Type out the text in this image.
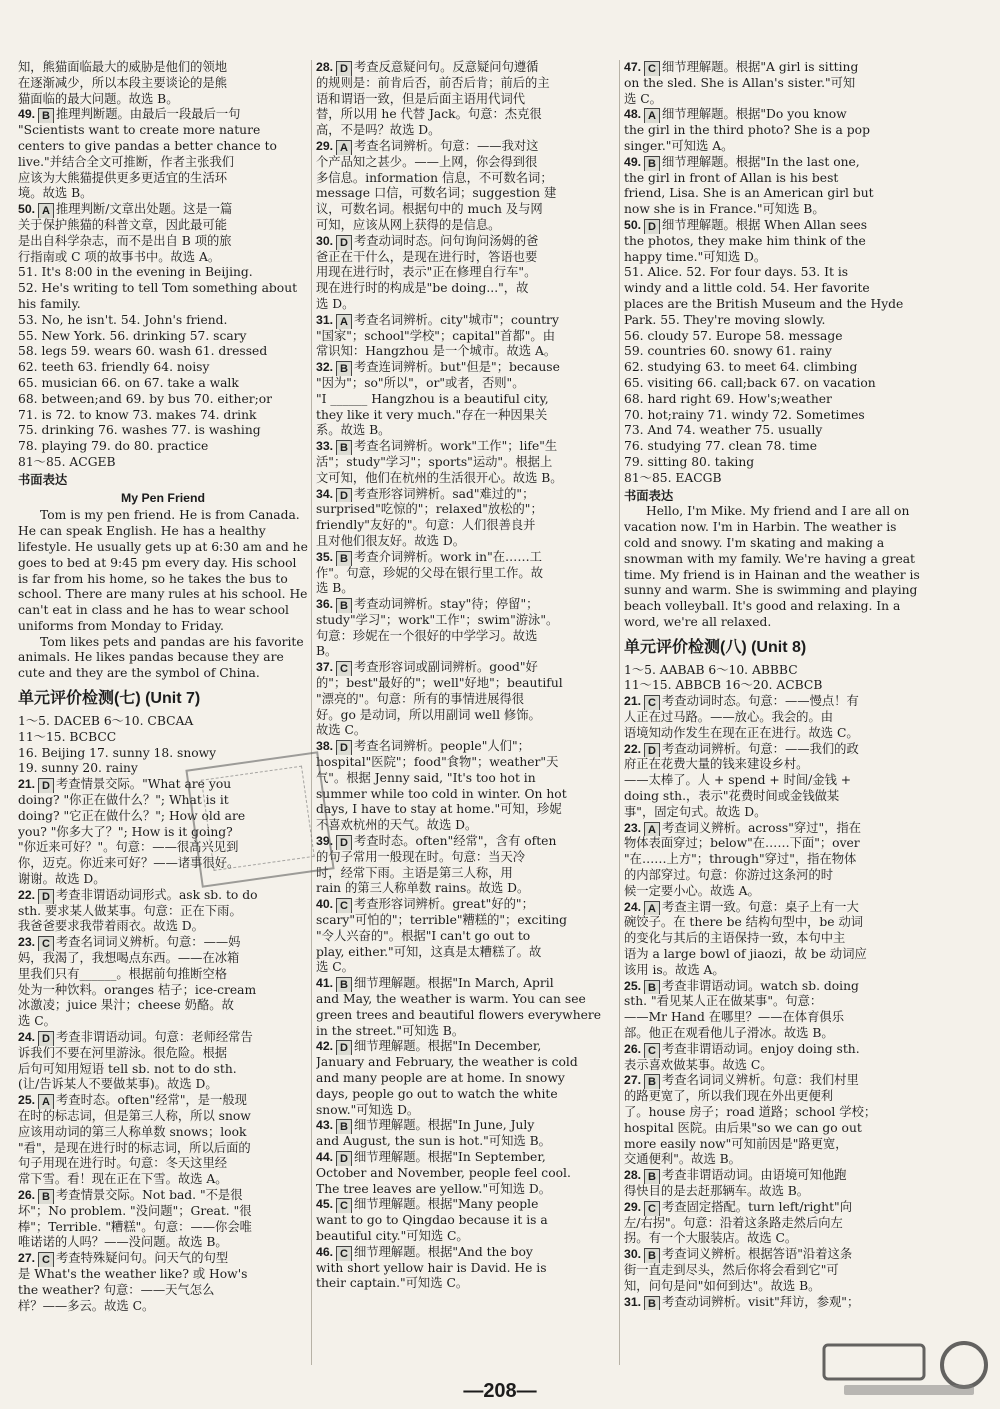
知，熊猫面临最大的威胁是他们的领地
在逐渐减少，所以本段主要谈论的是熊
猫面临的最大问题。故选 B。
49. B 推理判断题。由最后一段最后一句
"Scientists want to create more nature
centers to give pandas a better chance to
live."并结合全文可推断，作者主张我们
应该为大熊猫提供更多更适宜的生活环
境。故选 B。
50. A 推理判断/文章出处题。这是一篇
关于保护熊猫的科普文章，因此最可能
是出自科学杂志，而不是出自 B 项的旅
行指南或 C 项的故事书中。故选 A。
51. It's 8:00 in the evening in Beijing.
52. He's writing to tell Tom something about
his family.
53. No, he isn't. 54. John's friend.
55. New York. 56. drinking 57. scary
58. legs 59. wears 60. wash 61. dressed
62. teeth 63. friendly 64. noisy
65. musician 66. on 67. take a walk
68. between;and 69. by bus 70. either;or
71. is 72. to know 73. makes 74. drink
75. drinking 76. washes 77. is washing
78. playing 79. do 80. practice
81～85. ACGEB
书面表达
My Pen Friend
Tom is my pen friend. He is from Canada. He can speak English. He has a healthy lifestyle. He usually gets up at 6:30 am and he goes to bed at 9:45 pm every day. His school is far from his home, so he takes the bus to school. There are many rules at his school. He can't eat in class and he has to wear school uniforms from Monday to Friday.
Tom likes pets and pandas are his favorite animals. He likes pandas because they are cute and they are the symbol of China.
单元评价检测(七) (Unit 7)
1～5. DACEB 6～10. CBCAA
11～15. BCBCC
16. Beijing 17. sunny 18. snowy
19. sunny 20. rainy
21. D 考查情景交际。"What are you
doing? "你正在做什么？"; What is it
doing? "它正在做什么？"; How old are
you? "你多大了？"; How is it going?
"你近来可好？"。句意：——很高兴见到
你，迈克。你近来可好？——诸事很好。
谢谢。故选 D。
22. D 考查非谓语动词形式。ask sb. to do
sth. 要求某人做某事。句意：正在下雨。
我爸爸要求我带着雨衣。故选 D。
23. C 考查名词词义辨析。句意：——妈
妈，我渴了，我想喝点东西。——在冰箱
里我们只有______。根据前句推断空格
处为一种饮料。oranges 桔子；ice-cream
冰激凌；juice 果汁；cheese 奶酪。故
选 C。
24. D 考查非谓语动词。句意：老师经常告
诉我们不要在河里游泳。很危险。根据
后句可知用短语 tell sb. not to do sth.
(让/告诉某人不要做某事)。故选 D。
25. A 考查时态。often"经常"，是一般现
在时的标志词，但是第三人称，所以 snow
应该用动词的第三人称单数 snows；look
"看"，是现在进行时的标志词，所以后面的
句子用现在进行时。句意：冬天这里经
常下雪。看！现在正在下雪。故选 A。
26. B 考查情景交际。Not bad. "不是很
坏"；No problem. "没问题"；Great. "很
棒"；Terrible. "糟糕"。句意：——你会唯
唯诺诺的人吗？——没问题。故选 B。
27. C 考查特殊疑问句。问天气的句型
是 What's the weather like? 或 How's
the weather? 句意：——天气怎么
样？——多云。故选 C。
28. D 考查反意疑问句。反意疑问句遵循
的规则是：前肯后否，前否后肯；前后的主
语和谓语一致，但是后面主语用代词代
替，所以用 he 代替 Jack。句意：杰克很
高，不是吗？故选 D。
29. A 考查名词辨析。句意：——我对这
个产品知之甚少。——上网，你会得到很
多信息。information 信息，不可数名词；
message 口信，可数名词；suggestion 建
议，可数名词。根据句中的 much 及与网
可知，应该从网上获得的是信息。
30. D 考查动词时态。问句询问汤姆的爸
爸正在干什么，是现在进行时，答语也要
用现在进行时，表示"正在修理自行车"。
现在进行时的构成是"be doing..."，故
选 D。
31. A 考查名词辨析。city"城市"；country
"国家"；school"学校"；capital"首都"。由
常识知：Hangzhou 是一个城市。故选 A。
32. B 考查连词辨析。but"但是"；because
"因为"；so"所以"，or"或者，否则"。
"I ______ Hangzhou is a beautiful city,
they like it very much."存在一种因果关
系。故选 B。
33. B 考查名词辨析。work"工作"；life"生
活"；study"学习"；sports"运动"。根据上
文可知，他们在杭州的生活很开心。故选 B。
34. D 考查形容词辨析。sad"难过的"；
surprised"吃惊的"；relaxed"放松的"；
friendly"友好的"。句意：人们很善良并
且对他们很友好。故选 D。
35. B 考查介词辨析。work in"在……工
作"。句意，珍妮的父母在银行里工作。故
选 B。
36. B 考查动词辨析。stay"待；停留"；
study"学习"；work"工作"；swim"游泳"。
句意：珍妮在一个很好的中学学习。故选
B。
37. C 考查形容词或副词辨析。good"好
的"；best"最好的"；well"好地"；beautiful
"漂亮的"。句意：所有的事情进展得很
好。go 是动词，所以用副词 well 修饰。
故选 C。
38. D 考查名词辨析。people"人们"；
hospital"医院"；food"食物"；weather"天
气"。根据 Jenny said, "It's too hot in
summer while too cold in winter. On hot
days, I have to stay at home."可知，珍妮
不喜欢杭州的天气。故选 D。
39. D 考查时态。often"经常"，含有 often
的句子常用一般现在时。句意：当天冷
时，经常下雨。主语是第三人称，用
rain 的第三人称单数 rains。故选 D。
40. C 考查形容词辨析。great"好的"；
scary"可怕的"；terrible"糟糕的"；exciting
"令人兴奋的"。根据"I can't go out to
play, either."可知，这真是太糟糕了。故
选 C。
41. B 细节理解题。根据"In March, April
and May, the weather is warm. You can see
green trees and beautiful flowers everywhere
in the street."可知选 B。
42. D 细节理解题。根据"In December,
January and February, the weather is cold
and many people are at home. In snowy
days, people go out to watch the white
snow."可知选 D。
43. B 细节理解题。根据"In June, July
and August, the sun is hot."可知选 B。
44. D 细节理解题。根据"In September,
October and November, people feel cool.
The tree leaves are yellow."可知选 D。
45. C 细节理解题。根据"Many people
want to go to Qingdao because it is a
beautiful city."可知选 C。
46. C 细节理解题。根据"And the boy
with short yellow hair is David. He is
their captain."可知选 C。
47. C 细节理解题。根据"A girl is sitting
on the sled. She is Allan's sister."可知
选 C。
48. A 细节理解题。根据"Do you know
the girl in the third photo? She is a pop
singer."可知选 A。
49. B 细节理解题。根据"In the last one,
the girl in front of Allan is his best
friend, Lisa. She is an American girl but
now she is in France."可知选 B。
50. D 细节理解题。根据 When Allan sees
the photos, they make him think of the
happy time."可知选 D。
51. Alice. 52. For four days. 53. It is
windy and a little cold. 54. Her favorite
places are the British Museum and the Hyde
Park. 55. They're moving slowly.
56. cloudy 57. Europe 58. message
59. countries 60. snowy 61. rainy
62. studying 63. to meet 64. climbing
65. visiting 66. call;back 67. on vacation
68. hard right 69. How's;weather
70. hot;rainy 71. windy 72. Sometimes
73. And 74. weather 75. usually
76. studying 77. clean 78. time
79. sitting 80. taking
81～85. EACGB
书面表达
Hello, I'm Mike. My friend and I are all on vacation now. I'm in Harbin. The weather is cold and snowy. I'm skating and making a snowman with my family. We're having a great time. My friend is in Hainan and the weather is sunny and warm. She is swimming and playing beach volleyball. It's good and relaxing. In a word, we're all relaxed.
单元评价检测(八) (Unit 8)
1～5. AABAB 6～10. ABBBC
11～15. ABBCB 16～20. ACBCB
21. C 考查动词时态。句意：——慢点！有
人正在过马路。——放心。我会的。由
语境知动作发生在现在正在进行。故选 C。
22. D 考查动词辨析。句意：——我们的政
府正在花费大量的钱来建设乡村。
——太棒了。人 + spend + 时间/金钱 +
doing sth.，表示"花费时间或金钱做某
事"，固定句式。故选 D。
23. A 考查词义辨析。across"穿过"，指在
物体表面穿过；below"在……下面"；over
"在……上方"；through"穿过"，指在物体
的内部穿过。句意：你游过这条河的时
候一定要小心。故选 A。
24. A 考查主谓一致。句意：桌子上有一大
碗饺子。在 there be 结构句型中，be 动词
的变化与其后的主语保持一致，本句中主
语为 a large bowl of jiaozi，故 be 动词应
该用 is。故选 A。
25. B 考查非谓语动词。watch sb. doing
sth. "看见某人正在做某事"。句意：
——Mr Hand 在哪里？——在体育俱乐
部。他正在观看他儿子滑冰。故选 B。
26. C 考查非谓语动词。enjoy doing sth.
表示喜欢做某事。故选 C。
27. B 考查名词词义辨析。句意：我们村里
的路更宽了，所以我们现在外出更便利
了。house 房子；road 道路；school 学校；
hospital 医院。由后果"so we can go out
more easily now"可知前因是"路更宽，
交通便利"。故选 B。
28. B 考查非谓语动词。由语境可知他跑
得快目的是去赶那辆车。故选 B。
29. C 考查固定搭配。turn left/right"向
左/右拐"。句意：沿着这条路走然后向左
拐。有一个大服装店。故选 C。
30. B 考查词义辨析。根据答语"沿着这条
街一直走到尽头，然后你将会看到它"可
知，问句是问"如何到达"。故选 B。
31. B 考查动词辨析。visit"拜访，参观"；
—208—
